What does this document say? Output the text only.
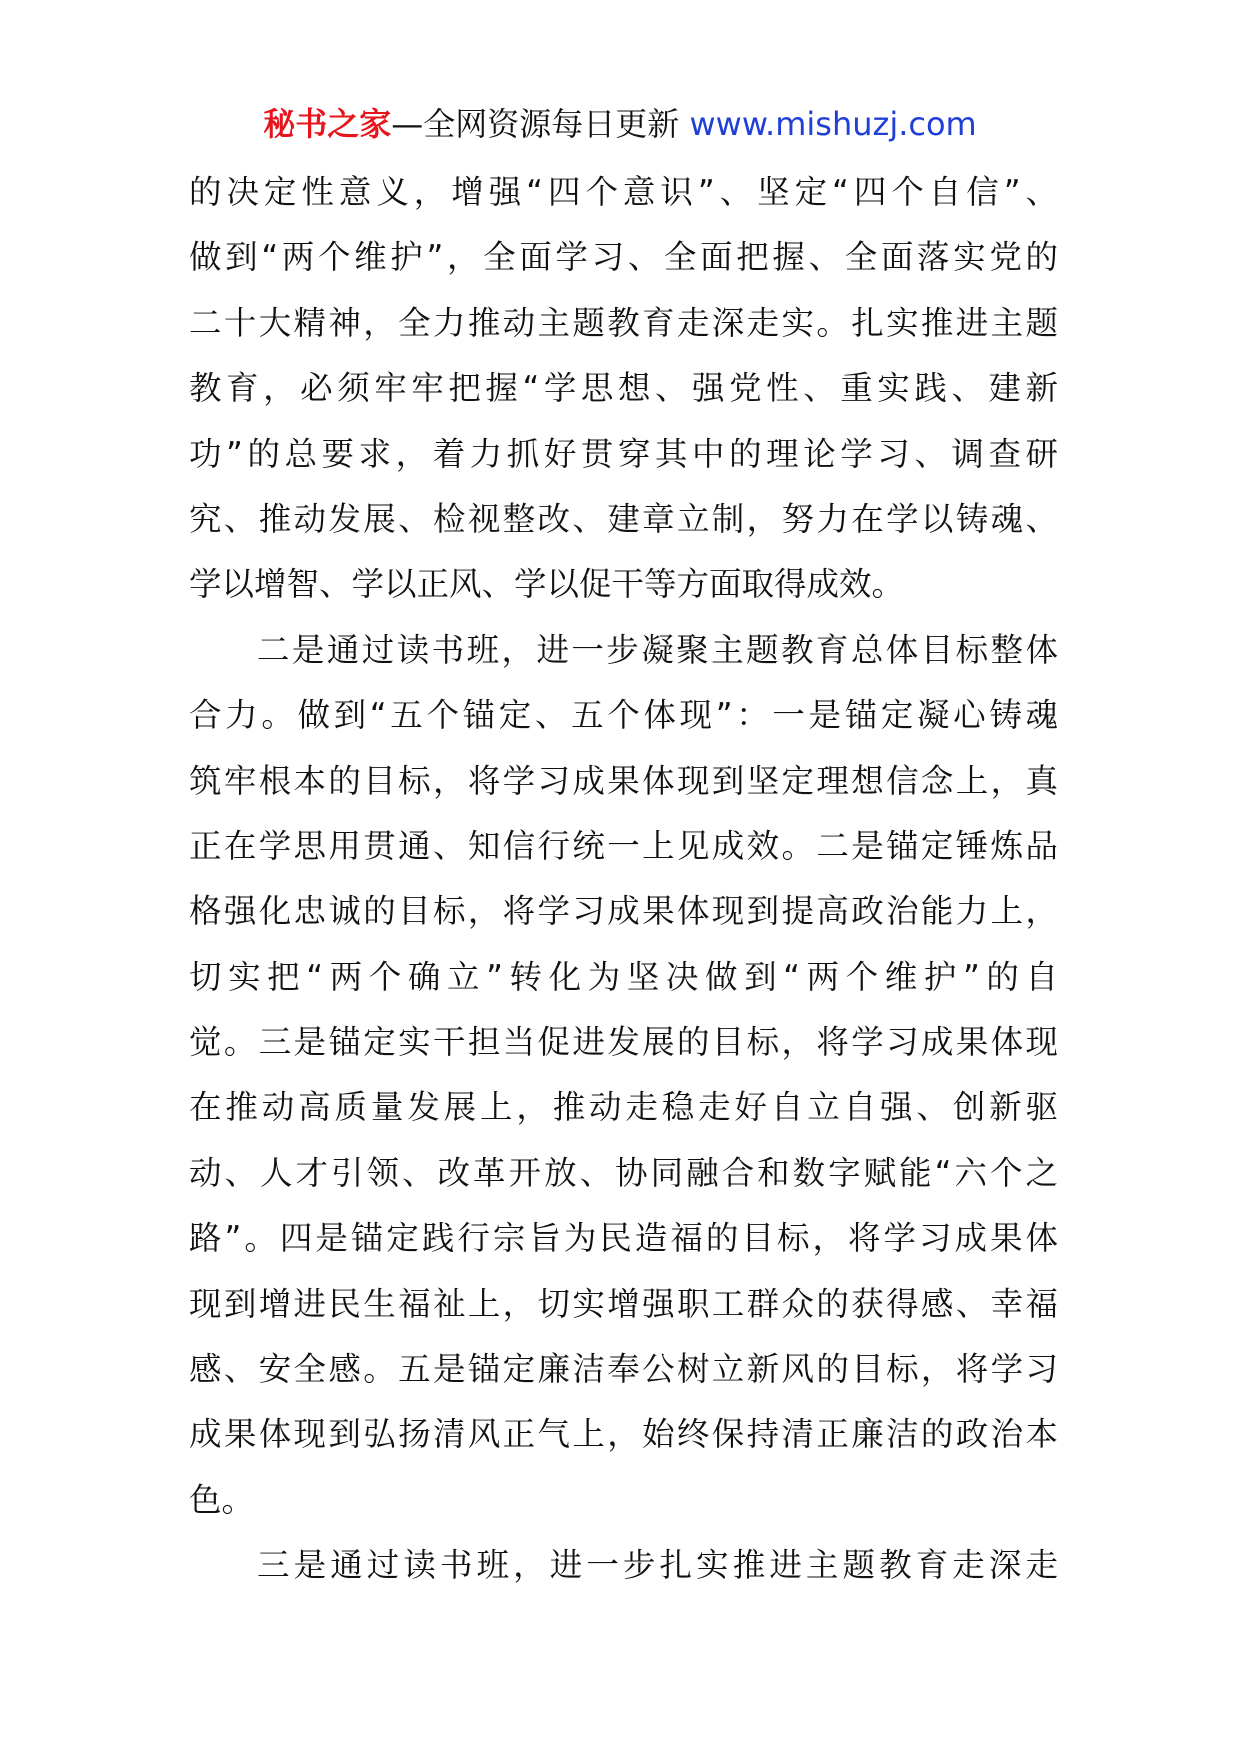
秘书之家—全网资源每日更新 www.mishuzj.com
的决定性意义，增强“四个意识”、坚定“四个自信”、
做到“两个维护”，全面学习、全面把握、全面落实党的
二十大精神，全力推动主题教育走深走实。扎实推进主题
教育，必须牢牢把握“学思想、强党性、重实践、建新
功”的总要求，着力抓好贯穿其中的理论学习、调查研
究、推动发展、检视整改、建章立制，努力在学以铸魂、
学以增智、学以正风、学以促干等方面取得成效。
二是通过读书班，进一步凝聚主题教育总体目标整体
合力。做到“五个锚定、五个体现”：一是锚定凝心铸魂
筑牢根本的目标，将学习成果体现到坚定理想信念上，真
正在学思用贯通、知信行统一上见成效。二是锚定锤炼品
格强化忠诚的目标，将学习成果体现到提高政治能力上，
切实把“两个确立”转化为坚决做到“两个维护”的自
觉。三是锚定实干担当促进发展的目标，将学习成果体现
在推动高质量发展上，推动走稳走好自立自强、创新驱
动、人才引领、改革开放、协同融合和数字赋能“六个之
路”。四是锚定践行宗旨为民造福的目标，将学习成果体
现到增进民生福祉上，切实增强职工群众的获得感、幸福
感、安全感。五是锚定廉洁奉公树立新风的目标，将学习
成果体现到弘扬清风正气上，始终保持清正廉洁的政治本
色。
三是通过读书班，进一步扎实推进主题教育走深走
